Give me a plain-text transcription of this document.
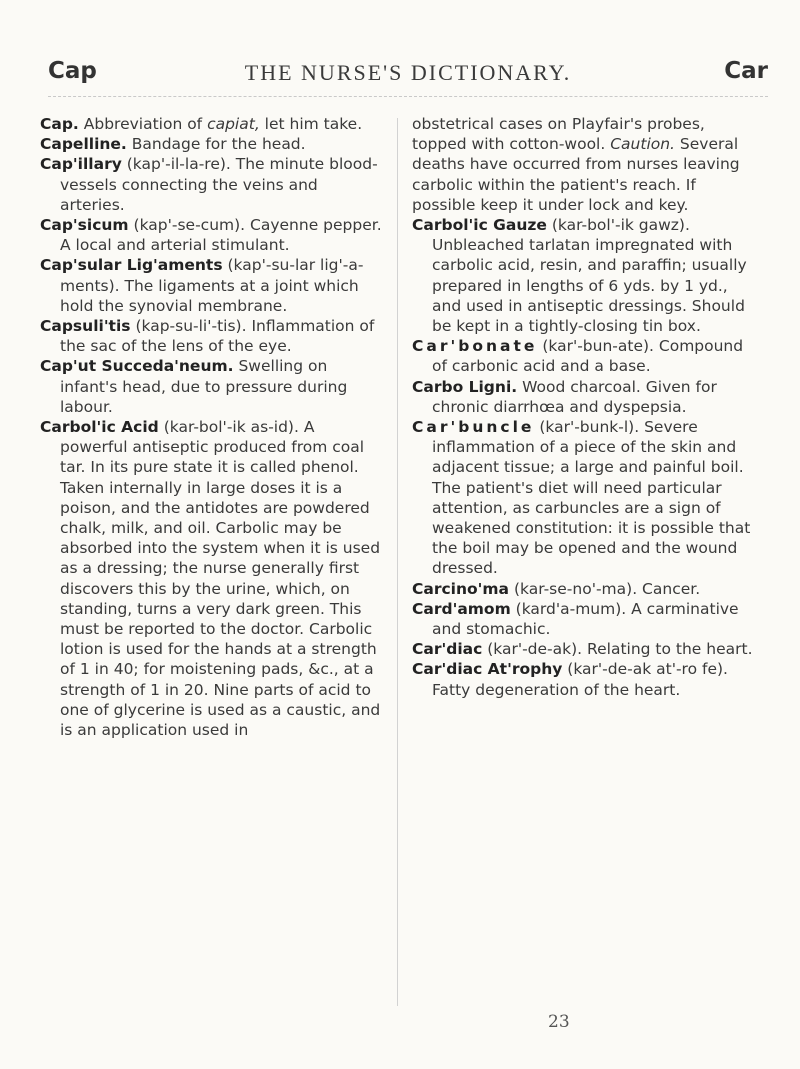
Cap	THE NURSE'S DICTIONARY.	Car

Cap. Abbreviation of capiat, let him take.

Capelline. Bandage for the head.

Cap'illary (kap'-il-la-re). The minute blood-vessels connecting the veins and arteries.

Cap'sicum (kap'-se-cum). Cayenne pepper. A local and arterial stimulant.

Cap'sular Lig'aments (kap'-su-lar lig'-a-ments). The ligaments at a joint which hold the synovial membrane.

Capsuli'tis (kap-su-li'-tis). Inflammation of the sac of the lens of the eye.

Cap'ut Succeda'neum. Swelling on infant's head, due to pressure during labour.

Carbol'ic Acid (kar-bol'-ik as-id). A powerful antiseptic produced from coal tar. In its pure state it is called phenol. Taken internally in large doses it is a poison, and the antidotes are powdered chalk, milk, and oil. Carbolic may be absorbed into the system when it is used as a dressing; the nurse generally first discovers this by the urine, which, on standing, turns a very dark green. This must be reported to the doctor. Carbolic lotion is used for the hands at a strength of 1 in 40; for moistening pads, &c., at a strength of 1 in 20. Nine parts of acid to one of glycerine is used as a caustic, and is an application used in

obstetrical cases on Playfair's probes, topped with cotton-wool. Caution. Several deaths have occurred from nurses leaving carbolic within the patient's reach. If possible keep it under lock and key.

Carbol'ic Gauze (kar-bol'-ik gawz). Unbleached tarlatan impregnated with carbolic acid, resin, and paraffin; usually prepared in lengths of 6 yds. by 1 yd., and used in antiseptic dressings. Should be kept in a tightly-closing tin box.

Car'bonate (kar'-bun-ate). Compound of carbonic acid and a base.

Carbo Ligni. Wood charcoal. Given for chronic diarrhœa and dyspepsia.

Car'buncle (kar'-bunk-l). Severe inflammation of a piece of the skin and adjacent tissue; a large and painful boil. The patient's diet will need particular attention, as carbuncles are a sign of weakened constitution: it is possible that the boil may be opened and the wound dressed.

Carcino'ma (kar-se-no'-ma). Cancer.

Card'amom (kard'a-mum). A carminative and stomachic.

Car'diac (kar'-de-ak). Relating to the heart.

Car'diac At'rophy (kar'-de-ak at'-ro fe). Fatty degeneration of the heart.

23
